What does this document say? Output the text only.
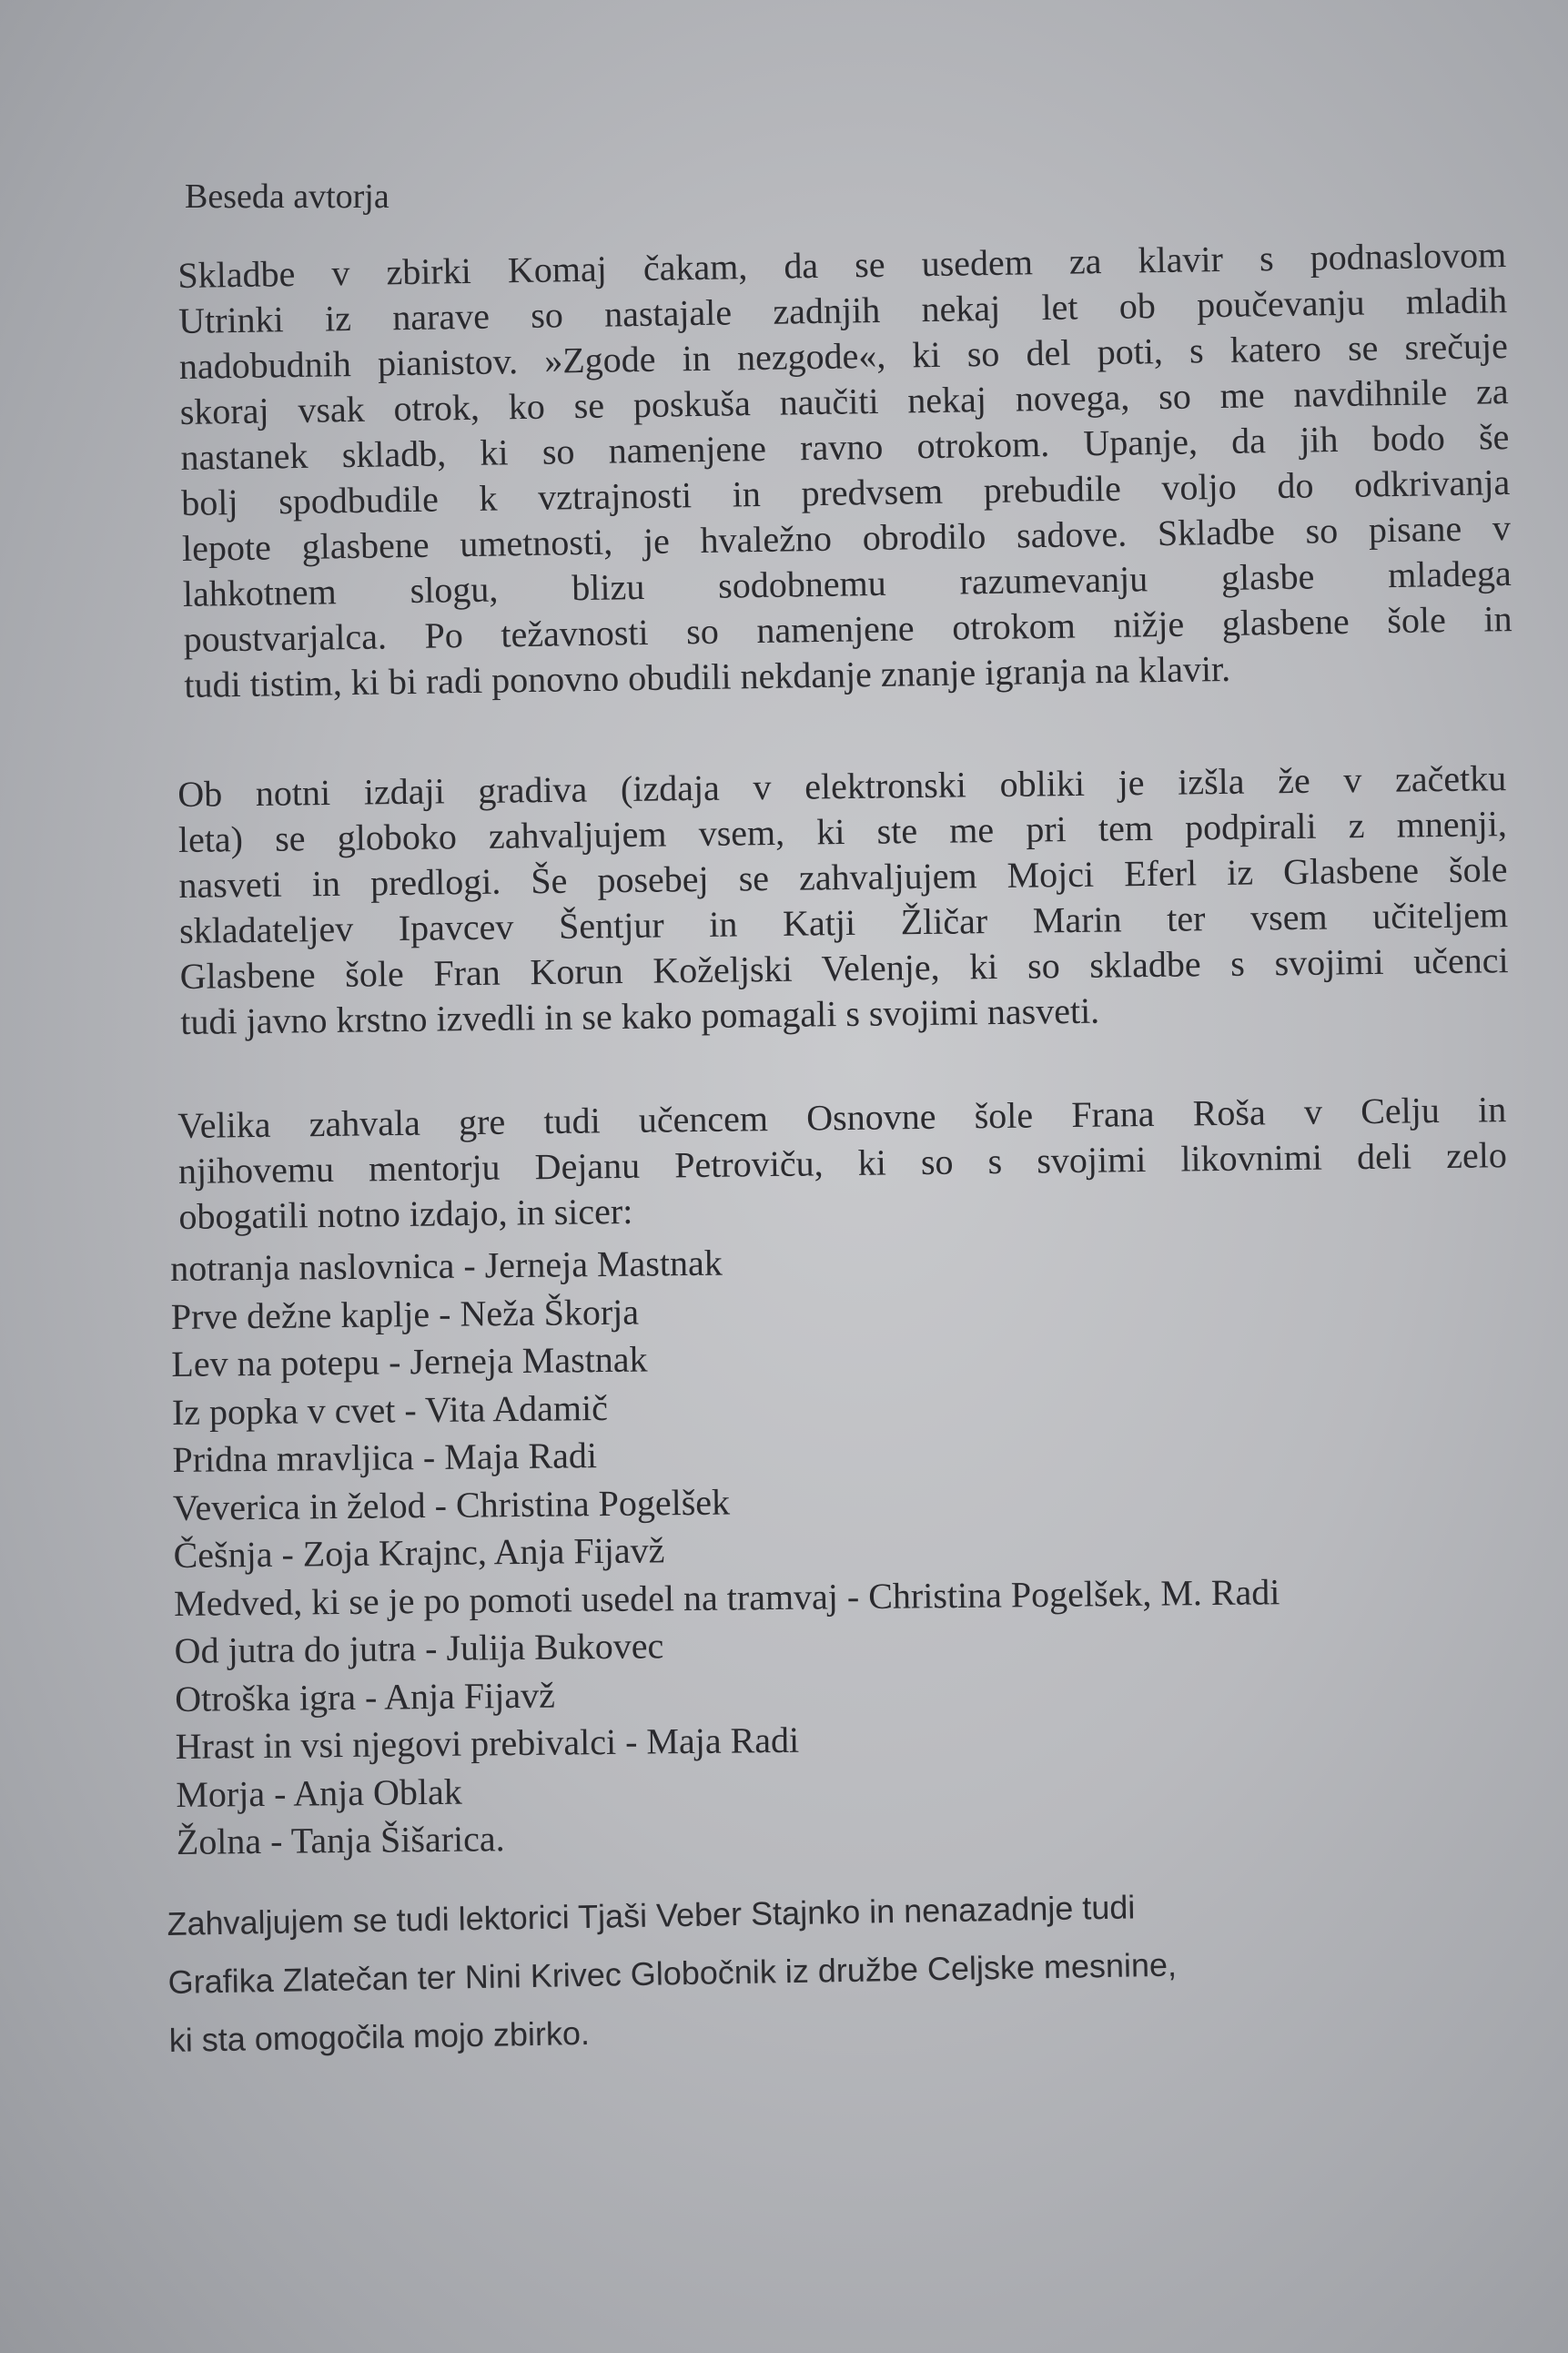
Beseda avtorja

Skladbe v zbirki Komaj čakam, da se usedem za klavir s podnaslovom
Utrinki iz narave so nastajale zadnjih nekaj let ob poučevanju mladih
nadobudnih pianistov. »Zgode in nezgode«, ki so del poti, s katero se srečuje
skoraj vsak otrok, ko se poskuša naučiti nekaj novega, so me navdihnile za
nastanek skladb, ki so namenjene ravno otrokom. Upanje, da jih bodo še
bolj spodbudile k vztrajnosti in predvsem prebudile voljo do odkrivanja
lepote glasbene umetnosti, je hvaležno obrodilo sadove. Skladbe so pisane v
lahkotnem slogu, blizu sodobnemu razumevanju glasbe mladega
poustvarjalca. Po težavnosti so namenjene otrokom nižje glasbene šole in
tudi tistim, ki bi radi ponovno obudili nekdanje znanje igranja na klavir.

Ob notni izdaji gradiva (izdaja v elektronski obliki je izšla že v začetku
leta) se globoko zahvaljujem vsem, ki ste me pri tem podpirali z mnenji,
nasveti in predlogi. Še posebej se zahvaljujem Mojci Eferl iz Glasbene šole
skladateljev Ipavcev Šentjur in Katji Žličar Marin ter vsem učiteljem
Glasbene šole Fran Korun Koželjski Velenje, ki so skladbe s svojimi učenci
tudi javno krstno izvedli in se kako pomagali s svojimi nasveti.

Velika zahvala gre tudi učencem Osnovne šole Frana Roša v Celju in
njihovemu mentorju Dejanu Petroviču, ki so s svojimi likovnimi deli zelo
obogatili notno izdajo, in sicer:

notranja naslovnica - Jerneja Mastnak
Prve dežne kaplje - Neža Škorja
Lev na potepu - Jerneja Mastnak
Iz popka v cvet - Vita Adamič
Pridna mravljica - Maja Radi
Veverica in želod - Christina Pogelšek
Češnja - Zoja Krajnc, Anja Fijavž
Medved, ki se je po pomoti usedel na tramvaj - Christina Pogelšek, M. Radi
Od jutra do jutra - Julija Bukovec
Otroška igra - Anja Fijavž
Hrast in vsi njegovi prebivalci - Maja Radi
Morja - Anja Oblak
Žolna - Tanja Šišarica.

Zahvaljujem se tudi lektorici Tjaši Veber Stajnko in nenazadnje tudi
Grafika Zlatečan ter Nini Krivec Globočnik iz družbe Celjske mesnine,
ki sta omogočila mojo zbirko.
